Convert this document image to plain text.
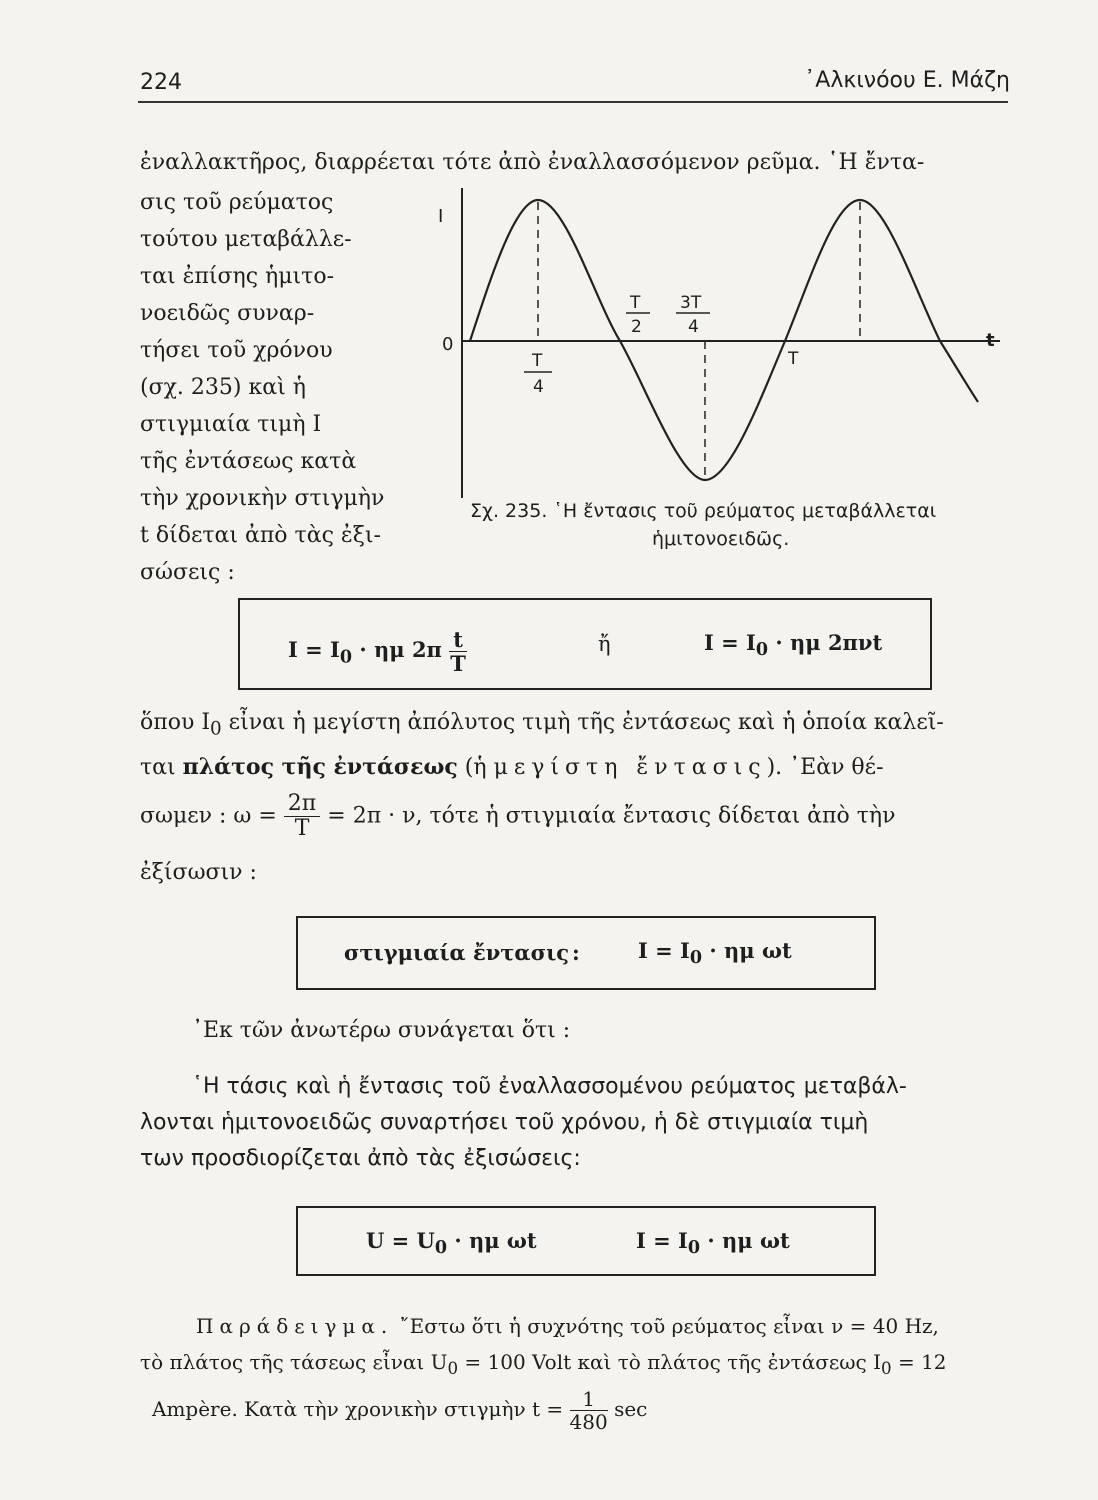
224	᾿Αλκινόου Ε. Μάζη
ἐναλλακτῆρος, διαρρέεται τότε ἀπὸ ἐναλλασσόμενον ρεῦμα. ῾Η ἔντα-
σις τοῦ ρεύματος
τούτου μεταβάλλε-
ται ἐπίσης ἡμιτο-
νοειδῶς συναρ-
τήσει τοῦ χρόνου
(σχ. 235) καὶ ἡ
στιγμιαία τιμὴ Ι
τῆς ἐντάσεως κατὰ
τὴν χρονικὴν στιγμὴν
t δίδεται ἀπὸ τὰς ἐξι-
σώσεις :
I
0	t
T
4
T
2
3T
4
T
Σχ. 235. ῾Η ἔντασις τοῦ ρεύματος μεταβάλλεται
ἡμιτονοειδῶς.
$I = I_0 \cdot \eta\mu$ $2\pi \frac{t}{T}$	ἤ	$I = I_0 \cdot \eta\mu$ 2πνt
ὅπου $I_0$ εἶναι ἡ μεγίστη ἀπόλυτος τιμὴ τῆς ἐντάσεως καὶ ἡ ὁποία καλεῖ-
ται πλάτος τῆς ἐντάσεως (ἡ μεγίστη ἔντασις). ᾿Εὰν θέ-
σωμεν : $\omega = \frac{2\pi}{T} = 2\pi \cdot \nu$, τότε ἡ στιγμιαία ἔντασις δίδεται ἀπὸ τὴν
ἐξίσωσιν :
στιγμιαία ἔντασις :	$I = I_0 \cdot \eta\mu$ ωt
᾿Εκ τῶν ἀνωτέρω συνάγεται ὅτι :
῾Η τάσις καὶ ἡ ἔντασις τοῦ ἐναλλασσομένου ρεύματος μεταβάλ-
λονται ἡμιτονοειδῶς συναρτήσει τοῦ χρόνου, ἡ δὲ στιγμιαία τιμὴ
των προσδιορίζεται ἀπὸ τὰς ἐξισώσεις:
$U = U_0 \cdot \eta\mu$ ωt	$I = I_0 \cdot \eta\mu$ ωt
Παράδειγμα. ῎Εστω ὅτι ἡ συχνότης τοῦ ρεύματος εἶναι ν = 40 Hz,
τὸ πλάτος τῆς τάσεως εἶναι $U_0 = 100$ Volt καὶ τὸ πλάτος τῆς ἐντάσεως $I_0 = 12$
Ampère. Κατὰ τὴν χρονικὴν στιγμὴν $t = \frac{1}{480}$ sec
